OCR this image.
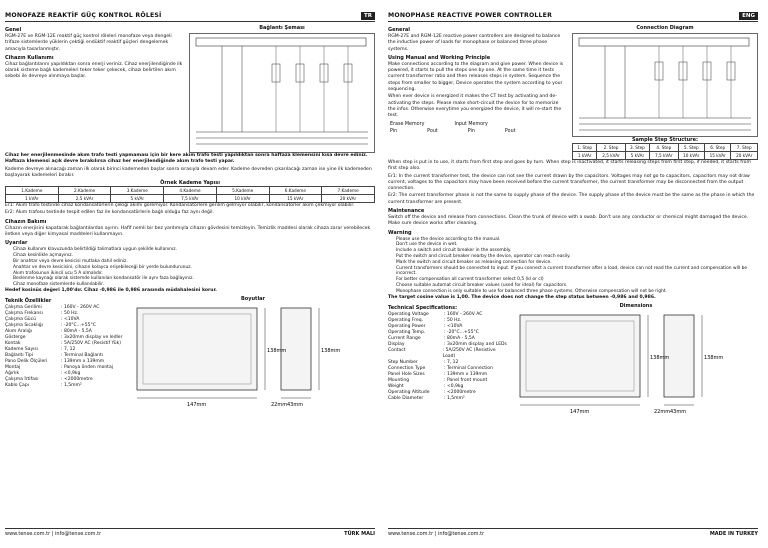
MONOFAZE REAKTİF GÜÇ KONTROL RÖLESİ	TR
Genel
RGM-27E ve RGM-12E reaktif güç kontrol röleleri monofaze veya dengeli trifaze sistemlerde yüklerin çektiği endüktif reaktif güçleri dengelemek amacıyla tasarlanmıştır.
Cihazın Kullanımı
Cihaz bağlantılarını yapıldıktan sonra enerji veriniz. Cihaz enerjilendiğinde ilk olarak sisteme bağlı kademeleri teker teker çekecek, cihazı belirtilen akım sebebi ile devreye alınmaya başlar.
Bağlantı Şeması
Cihaz her enerjilenmesinde akım trafo testi yapmaması için bir kere akım trafo testi yapıldıktan sonra haftaza klemensini kısa devre ediniz. Haftaza klemensi açık devre bırakılırsa cihaz her enerjilendiğinde akım trafo testi yapar.
Kademe devreye alınacağı zaman ilk olarak birinci kademeden başlar sonra sırasıyla devam eder. Kademe devreden çıkarılacağı zaman ise yine ilk kademeden başlayarak kademeleri bırakır.
Örnek Kademe Yapısı
1.Kademe	2.Kademe	3.Kademe	4.Kademe	5.Kademe	6.Kademe	7.Kademe
1 kVAr	2,5 kVAr	5 kVAr	7,5 kVAr	10 kVAr	15 kVAr	20 kVAr
Er1: Akım trafo testinde cihaz kondansatörlerin çekiği akımı göremiyor. Kondansatörlere gerilim gelmiyor olabilir, kondansatörler akım çekmiyor olabilir.
Er2: Akım trafosu testinde tespit edilen faz ile kondansatörlerin bağlı olduğu faz aynı değil.
Cihazın Bakımı
Cihazın enerjisini kapatarak bağlantılardan ayırın. Hafif nemli bir bez yardımıyla cihazın gövdesini temizleyin. Temizlik maddesi olarak cihaza zarar verebilecek iletken veya diğer kimyasal maddeleri kullanmayın.
Uyarılar
• Cihazı kullanım klavuzunda belirtildiği talimatlara uygun şekilde kullanınız.
• Cihazı kesinlikle açmayınız.
• Bir anahtar veya devre kesicisi mutlaka dahil ediniz.
• Anahtar ve devre kesicisini, cihazın kolayca erişebileceği bir yerde bulundurunuz.
• Akım trafosunun ikincil ucu 5 A olmalıdır.
• Beslenme kaynağı olarak sistemde kullanılan kondansatör ile aynı faza bağlayınız.
• Cihaz monofaze sistemlerde kullanılabilir.
Hedef kosinüs değeri 1,00'dır. Cihaz -0,986 ile 0,986 arasında müdahalesini korur.
Teknik Özellikler
Çalışma Gerilimi	: 160V - 260V AC
Çalışma Frekansı	: 50 Hz.
Çalışma Gücü	: <10VA
Çalışma Sıcaklığı	: -20°C...+55°C
Akım Aralığı	: 80mA - 5,5A
Gösterge	: 3x20mm display ve ledler
Kontak	: 5A/250V AC (Resistif Yük)
Kademe Sayısı	: 7, 12
Bağlantı Tipi	: Terminal Bağlantı
Pano Delik Ölçüleri	: 139mm x 139mm
Montaj	: Panoya önden montaj
Ağırlık	: <0,9kg
Çalışma İrtifası	: <2000metre
Kablo Çapı	: 1,5mm²
Boyutlar
147mm
138mm
43mm
22mm
138mm
www.tense.com.tr | info@tense.com.tr	TÜRK MALI
MONOPHASE REACTIVE POWER CONTROLLER	ENG
General
RGM-27E and RGM-12E reactive power controllers are designed to balance the inductive power of loads for monophase or balanced three phase systems.
Using Manual and Working Principle
Make connections according to the diagram and give power. When device is powered, it starts to pull the steps one by one. At the same time it tests current transformer ratio and then releases steps in system. Sequence the steps from smaller to bigger, Device operates the system according to your sequencing.
When ever device is energized it makes the CT test by activating and de-activating the steps. Please make short-circuit the device for to memorize the infos. Otherwise everytime you energized the device, it will re-start the test.
Erase Memory	Input Memory
Pin	Pout	Pin	Pout
Connection Diagram
Sample Step Structure:
1. Step	2. Step	3. Step	4. Step	5. Step	6. Step	7. Step
1 kVAr	2,5 kVAr	5 kVAr	7,5 kVAr	10 kVAr	15 kVAr	20 kVAr
When step is put in to use, it starts from first step and goes by turn. When step is inactivated, it starts releasing steps from first step, if needed, it starts from first step also.
Er1: In the current transformer test, the device can not see the current drawn by the capacitors. Voltages may not go to capacitors, capacitors may not draw current, voltages to the capacitors may have been received before the current transformer, the current transformer may be disconnected from the output connection.
Er2: The current transformer phase is not the same to supply phase of the device. The supply phase of the device must be the same as the phase in which the current transformer are present.
Maintenance
Switch off the device and release from connections. Clean the trunk of device with a swab. Don't use any conductor or chemical might damaged the device. Make sure device works after cleaning.
Warning
• Please use the device according to the manual.
• Don't use the device in wet.
• Include a switch and circuit breaker in the assembly.
• Put the switch and circuit breaker nearby the device, operator can reach easily.
• Mark the switch and circuit breaker as releasing connection for device.
• Current transformers should be connected to input. If you connect a current transformer after a load, device can not read the current and compensation will be incorrect.
• For better compensation all current transformer select 0,5 (kl or cl)
• Choose suitable automat circuit breaker values (used for ideal) for capacitors.
• Monophase connection is only suitable to use for balanced three phase systems. Otherwise compensation will not be right.
The target cosine value is 1,00. The device does not change the step status between -0,986 and 0,986.
Technical Specifications:
Operating Voltage	: 160V - 260V AC
Operating Freq.	: 50 Hz.
Operating Power	: <10VA
Operating Temp.	: -20°C...+55°C
Current Range	: 80mA - 5,5A
Display	: 3x20mm display and LEDs
Contact	: 5A/250V AC (Resistive Load)
Step Number	: 7, 12
Connection Type	: Terminal Connection
Panel Hole Sizes	: 139mm x 139mm
Mounting	: Panel front mount
Weight	: <0,9kg
Operating Altitude	: <2000metre
Cable Diameter	: 1,5mm²
Dimensions
147mm
138mm
43mm
22mm
138mm
www.tense.com.tr | info@tense.com.tr	MADE IN TURKEY
